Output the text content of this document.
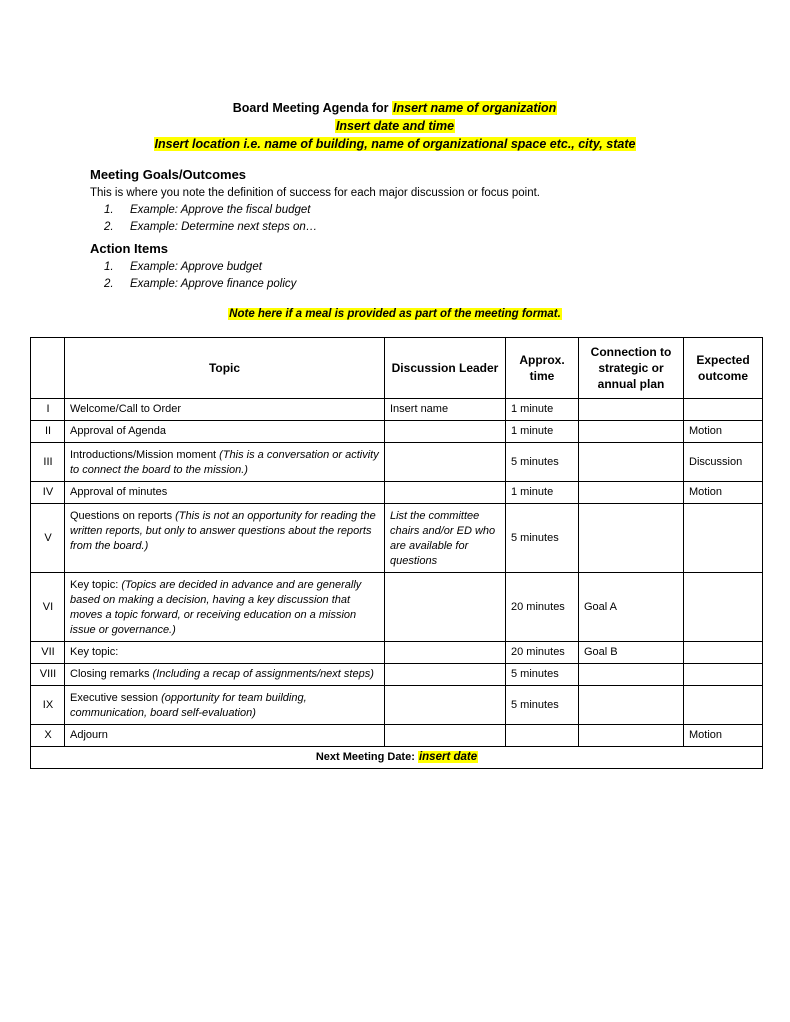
Board Meeting Agenda for Insert name of organization
Insert date and time
Insert location i.e. name of building, name of organizational space etc., city, state
Meeting Goals/Outcomes

This is where you note the definition of success for each major discussion or focus point.

Example: Approve the fiscal budget
Example: Determine next steps on…
Action Items
Example: Approve budget
Example: Approve finance policy
Note here if a meal is provided as part of the meeting format.
	Topic	Discussion Leader	Approx. time	Connection to strategic or annual plan	Expected outcome
I	Welcome/Call to Order	Insert name	1 minute		
II	Approval of Agenda		1 minute		Motion
III	Introductions/Mission moment (This is a conversation or activity to connect the board to the mission.)		5 minutes		Discussion
IV	Approval of minutes		1 minute		Motion
V	Questions on reports (This is not an opportunity for reading the written reports, but only to answer questions about the reports from the board.)	List the committee chairs and/or ED who are available for questions	5 minutes		
VI	Key topic: (Topics are decided in advance and are generally based on making a decision, having a key discussion that moves a topic forward, or receiving education on a mission issue or governance.)		20 minutes	Goal A	
VII	Key topic:		20 minutes	Goal B	
VIII	Closing remarks (Including a recap of assignments/next steps)		5 minutes		
IX	Executive session (opportunity for team building, communication, board self-evaluation)		5 minutes		
X	Adjourn				Motion
Next Meeting Date: insert date					
